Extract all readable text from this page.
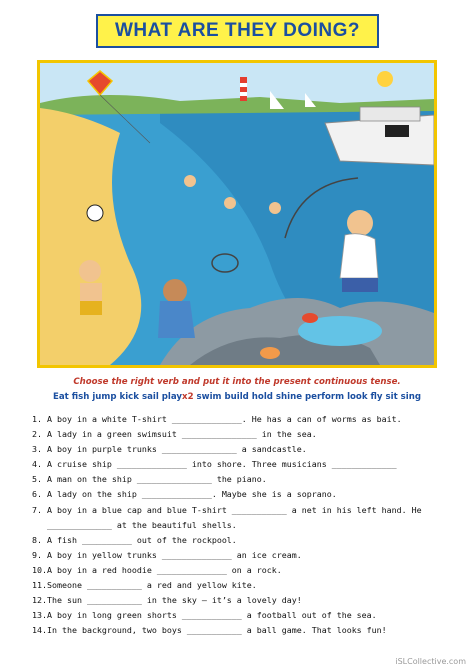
WHAT ARE THEY DOING?
Choose the right verb and put it into the present continuous tense.
Eat fish jump kick sail playx2 swim build hold shine perform look fly sit sing
1. A boy in a white T-shirt ______________. He has a can of worms as bait.
2. A lady in a green swimsuit _______________ in the sea.
3. A boy in purple trunks _______________ a sandcastle.
4. A cruise ship ______________ into shore. Three musicians _____________
5. A man on the ship _______________ the piano.
6. A lady on the ship ______________. Maybe she is a soprano.
7. A boy in a blue cap and blue T-shirt ___________ a net in his left hand. He
_____________ at the beautiful shells.
8. A fish __________ out of the rockpool.
9. A boy in yellow trunks ______________ an ice cream.
10.A boy in a red hoodie ______________ on a rock.
11.Someone ___________ a red and yellow kite.
12.The sun ___________ in the sky – it’s a lovely day!
13.A boy in long green shorts ____________ a football out of the sea.
14.In the background, two boys ___________ a ball game. That looks fun!
iSLCollective.com
